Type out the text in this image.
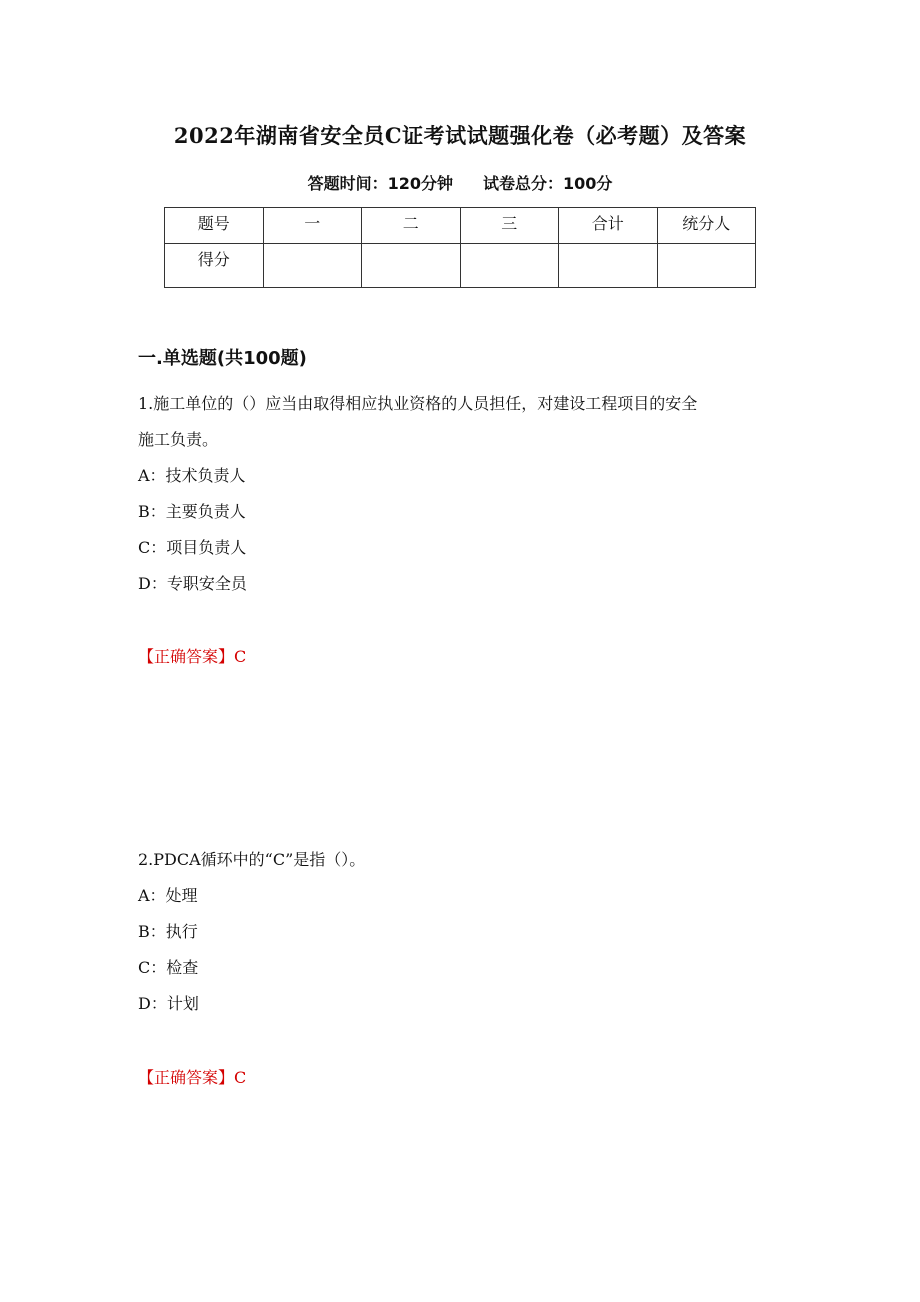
2022年湖南省安全员C证考试试题强化卷（必考题）及答案
答题时间：120分钟 试卷总分：100分
题号	一	二	三	合计	统分人
得分					
一.单选题(共100题)

1.施工单位的（）应当由取得相应执业资格的人员担任，对建设工程项目的安全

施工负责。

A：技术负责人

B：主要负责人

C：项目负责人

D：专职安全员

【正确答案】C

2.PDCA循环中的“C”是指（）。

A：处理

B：执行

C：检查

D：计划

【正确答案】C
